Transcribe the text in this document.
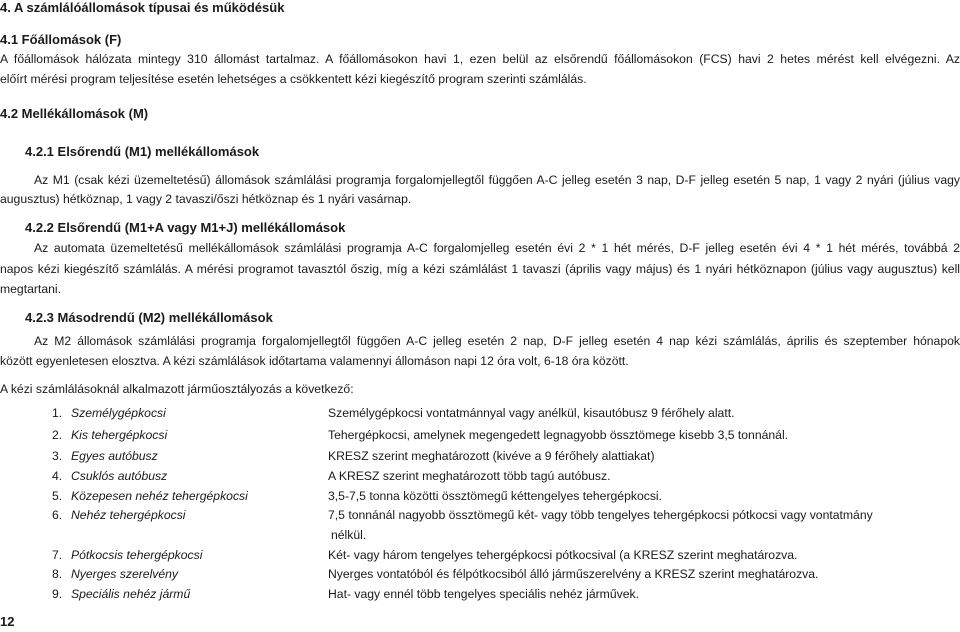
4. A számlálóállomások típusai és működésük
4.1 Főállomások (F)
A főállomások hálózata mintegy 310 állomást tartalmaz. A főállomásokon havi 1, ezen belül az elsőrendű főállomásokon (FCS) havi 2 hetes mérést kell elvégezni. Az
előírt mérési program teljesítése esetén lehetséges a csökkentett kézi kiegészítő program szerinti számlálás.
4.2 Mellékállomások (M)
4.2.1 Elsőrendű (M1) mellékállomások
Az M1 (csak kézi üzemeltetésű) állomások számlálási programja forgalomjellegtől függően A-C jelleg esetén 3 nap, D-F jelleg esetén 5 nap, 1 vagy 2 nyári (július vagy
augusztus) hétköznap, 1 vagy 2 tavaszi/őszi hétköznap és 1 nyári vasárnap.
4.2.2 Elsőrendű (M1+A vagy M1+J) mellékállomások
Az automata üzemeltetésű mellékállomások számlálási programja A-C forgalomjelleg esetén évi 2 * 1 hét mérés, D-F jelleg esetén évi 4 * 1 hét mérés, továbbá 2
napos kézi kiegészítő számlálás. A mérési programot tavasztól őszig, míg a kézi számlálást 1 tavaszi (április vagy május) és 1 nyári hétköznapon (július vagy augusztus) kell
megtartani.
4.2.3 Másodrendű (M2) mellékállomások
Az M2 állomások számlálási programja forgalomjellegtől függően A-C jelleg esetén 2 nap, D-F jelleg esetén 4 nap kézi számlálás, április és szeptember hónapok
között egyenletesen elosztva. A kézi számlálások időtartama valamennyi állomáson napi 12 óra volt, 6-18 óra között.
A kézi számlálásoknál alkalmazott járműosztályozás a következő:
1. Személygépkocsi	Személygépkocsi vontatmánnyal vagy anélkül, kisautóbusz 9 férőhely alatt.
2. Kis tehergépkocsi	Tehergépkocsi, amelynek megengedett legnagyobb össztömege kisebb 3,5 tonnánál.
3. Egyes autóbusz	KRESZ szerint meghatározott (kivéve a 9 férőhely alattiakat)
4. Csuklós autóbusz	A KRESZ szerint meghatározott több tagú autóbusz.
5. Közepesen nehéz tehergépkocsi	3,5-7,5 tonna közötti össztömegű kéttengelyes tehergépkocsi.
6. Nehéz tehergépkocsi	7,5 tonnánál nagyobb össztömegű két- vagy több tengelyes tehergépkocsi pótkocsi vagy vontatmány
nélkül.
7. Pótkocsis tehergépkocsi	Két- vagy három tengelyes tehergépkocsi pótkocsival (a KRESZ szerint meghatározva.
8. Nyerges szerelvény	Nyerges vontatóból és félpótkocsiból álló járműszerelvény a KRESZ szerint meghatározva.
9. Speciális nehéz jármű	Hat- vagy ennél több tengelyes speciális nehéz járművek.
12
